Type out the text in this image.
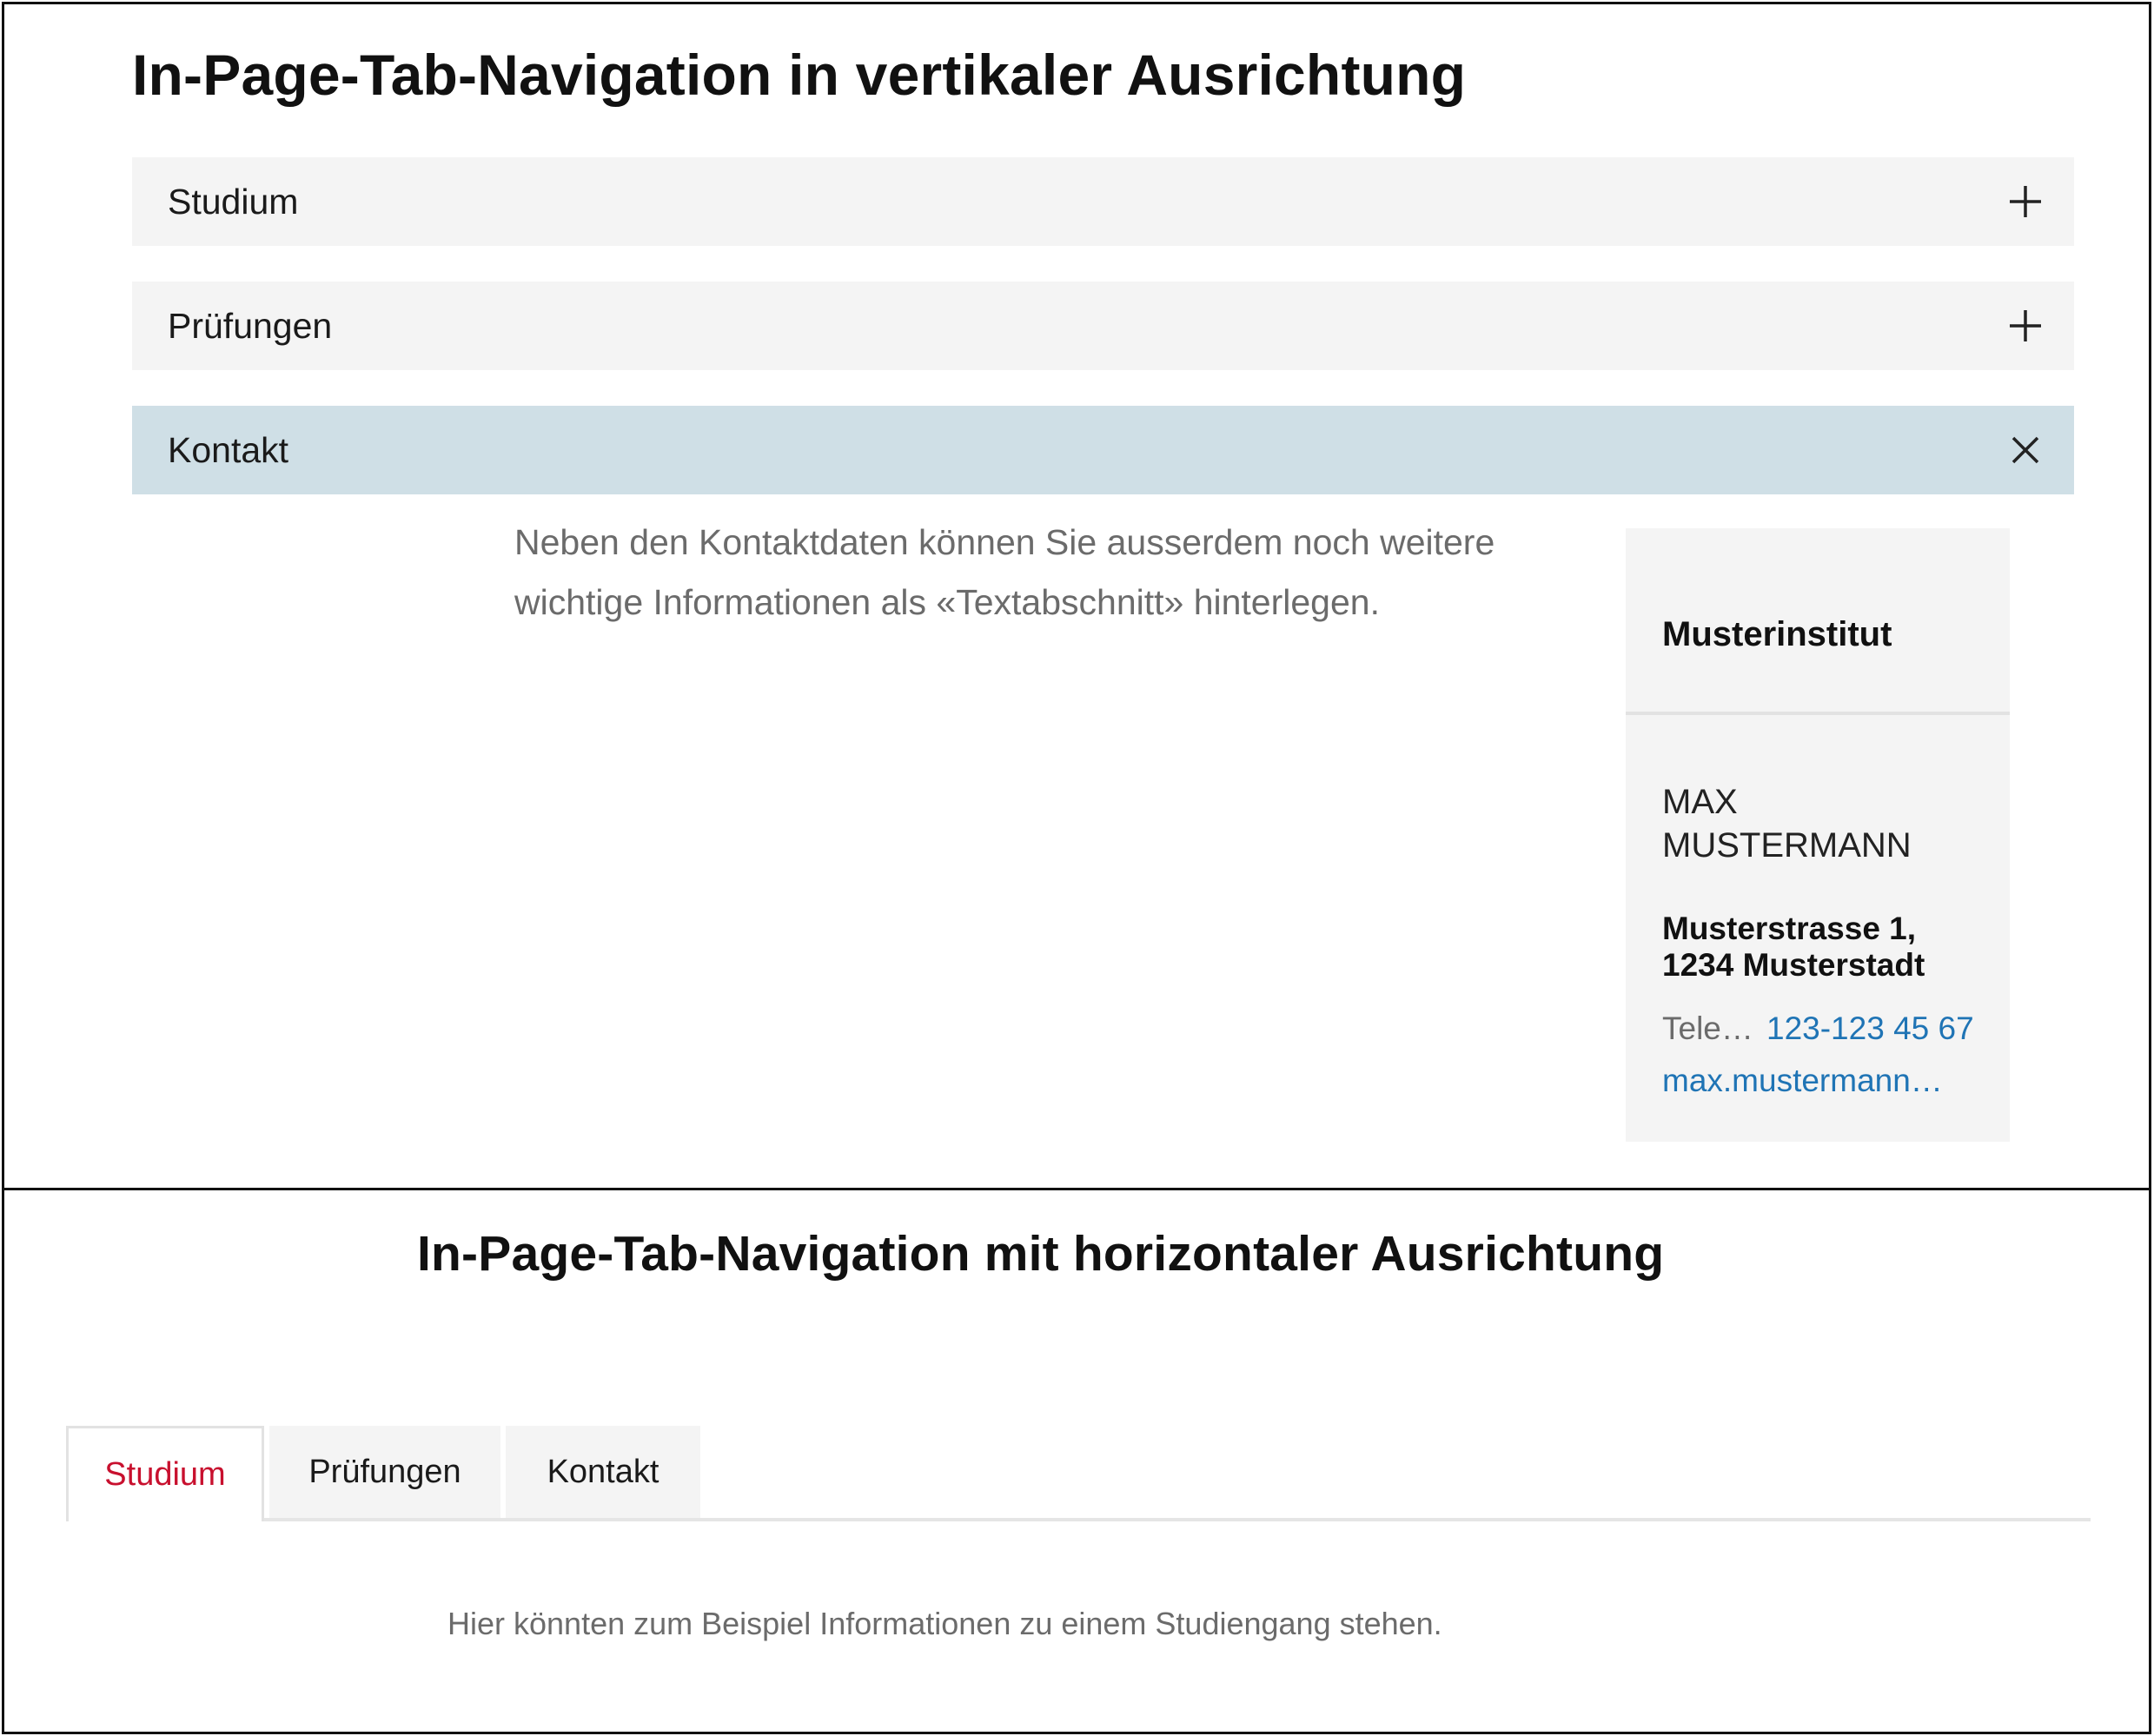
In-Page-Tab-Navigation in vertikaler Ausrichtung
Studium
Prüfungen
Kontakt
Neben den Kontaktdaten können Sie ausserdem noch weitere wichtige Informationen als «Textabschnitt» hinterlegen.
Musterinstitut
MAX
MUSTERMANN
Musterstrasse 1,
1234 Musterstadt
Tele… 123-123 45 67
max.mustermann…
In-Page-Tab-Navigation mit horizontaler Ausrichtung
Studium	Prüfungen	Kontakt
Hier könnten zum Beispiel Informationen zu einem Studiengang stehen.
